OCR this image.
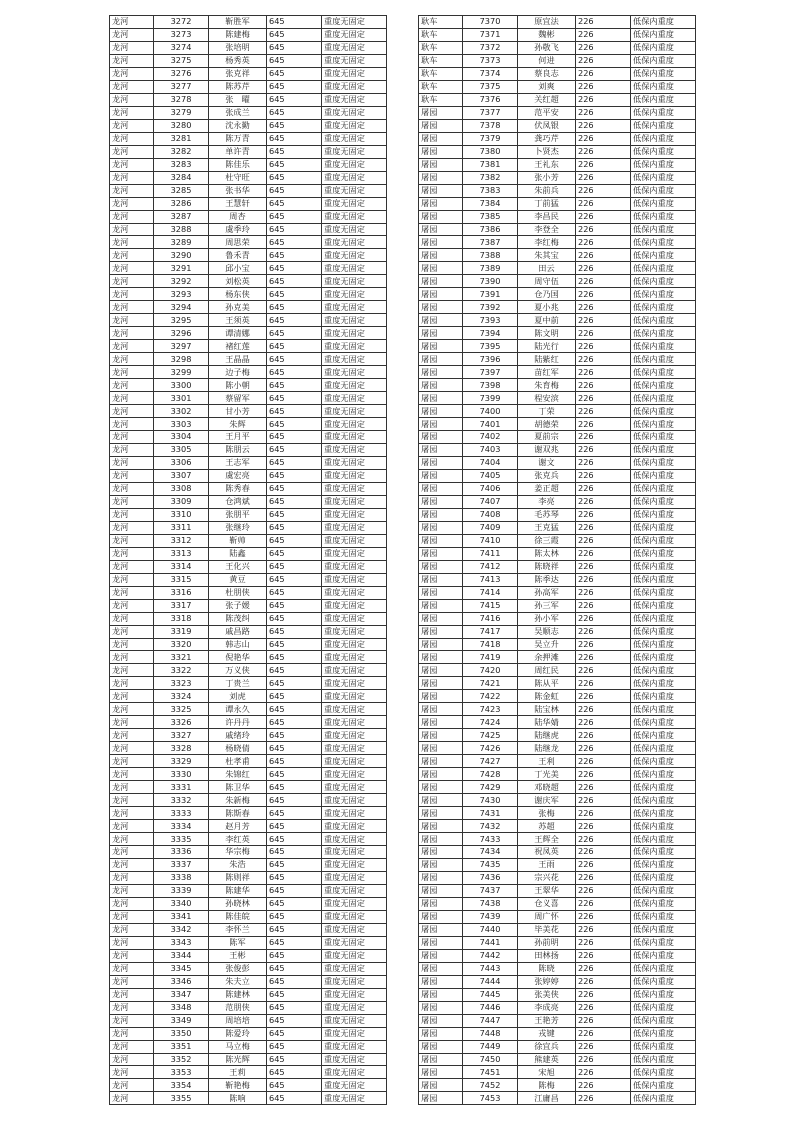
龙河	3272	靳胜军	645	重度无固定
龙河	3273	陈建梅	645	重度无固定
龙河	3274	张培明	645	重度无固定
龙河	3275	杨秀英	645	重度无固定
龙河	3276	张克祥	645	重度无固定
龙河	3277	陈苏芹	645	重度无固定
龙河	3278	张　曜	645	重度无固定
龙河	3279	张成兰	645	重度无固定
龙河	3280	沈永勤	645	重度无固定
龙河	3281	陈万青	645	重度无固定
龙河	3282	单许青	645	重度无固定
龙河	3283	陈佳乐	645	重度无固定
龙河	3284	杜守旺	645	重度无固定
龙河	3285	张书华	645	重度无固定
龙河	3286	王慧轩	645	重度无固定
龙河	3287	周杏	645	重度无固定
龙河	3288	虞季玲	645	重度无固定
龙河	3289	周思荣	645	重度无固定
龙河	3290	鲁禾青	645	重度无固定
龙河	3291	邱小宝	645	重度无固定
龙河	3292	刘松英	645	重度无固定
龙河	3293	杨东侠	645	重度无固定
龙河	3294	孙克美	645	重度无固定
龙河	3295	王须英	645	重度无固定
龙河	3296	谭清娜	645	重度无固定
龙河	3297	褚红莲	645	重度无固定
龙河	3298	王晶晶	645	重度无固定
龙河	3299	边子梅	645	重度无固定
龙河	3300	陈小朝	645	重度无固定
龙河	3301	蔡留军	645	重度无固定
龙河	3302	甘小芳	645	重度无固定
龙河	3303	朱辉	645	重度无固定
龙河	3304	王月平	645	重度无固定
龙河	3305	陈朋云	645	重度无固定
龙河	3306	王志军	645	重度无固定
龙河	3307	虞宏亮	645	重度无固定
龙河	3308	陈秀春	645	重度无固定
龙河	3309	仓鸿斌	645	重度无固定
龙河	3310	张朋平	645	重度无固定
龙河	3311	张继玲	645	重度无固定
龙河	3312	靳帅	645	重度无固定
龙河	3313	陆鑫	645	重度无固定
龙河	3314	王化兴	645	重度无固定
龙河	3315	黄豆	645	重度无固定
龙河	3316	杜朋侠	645	重度无固定
龙河	3317	张子媛	645	重度无固定
龙河	3318	陈茂纠	645	重度无固定
龙河	3319	戚昌路	645	重度无固定
龙河	3320	韩志山	645	重度无固定
龙河	3321	倪艳华	645	重度无固定
龙河	3322	万义侠	645	重度无固定
龙河	3323	丁贵兰	645	重度无固定
龙河	3324	刘虎	645	重度无固定
龙河	3325	谭永久	645	重度无固定
龙河	3326	许丹丹	645	重度无固定
龙河	3327	戚绪玲	645	重度无固定
龙河	3328	杨晓倩	645	重度无固定
龙河	3329	杜孝甫	645	重度无固定
龙河	3330	朱锦红	645	重度无固定
龙河	3331	陈卫华	645	重度无固定
龙河	3332	朱新梅	645	重度无固定
龙河	3333	陈斯春	645	重度无固定
龙河	3334	赵月芳	645	重度无固定
龙河	3335	李红英	645	重度无固定
龙河	3336	华宗梅	645	重度无固定
龙河	3337	朱浩	645	重度无固定
龙河	3338	陈则祥	645	重度无固定
龙河	3339	陈建华	645	重度无固定
龙河	3340	孙晓林	645	重度无固定
龙河	3341	陈佳皖	645	重度无固定
龙河	3342	李怀兰	645	重度无固定
龙河	3343	陈军	645	重度无固定
龙河	3344	王彬	645	重度无固定
龙河	3345	张俊彭	645	重度无固定
龙河	3346	朱夫立	645	重度无固定
龙河	3347	陈建林	645	重度无固定
龙河	3348	范朋侠	645	重度无固定
龙河	3349	周培培	645	重度无固定
龙河	3350	陈爱玲	645	重度无固定
龙河	3351	马立梅	645	重度无固定
龙河	3352	陈光辉	645	重度无固定
龙河	3353	王莉	645	重度无固定
龙河	3354	靳艳梅	645	重度无固定
龙河	3355	陈响	645	重度无固定
耿车	7370	原宜法	226	低保内重度
耿车	7371	魏彬	226	低保内重度
耿车	7372	孙敬飞	226	低保内重度
耿车	7373	何进	226	低保内重度
耿车	7374	蔡良志	226	低保内重度
耿车	7375	刘爽	226	低保内重度
耿车	7376	关红超	226	低保内重度
屠园	7377	范平安	226	低保内重度
屠园	7378	伏凤银	226	低保内重度
屠园	7379	龚巧芹	226	低保内重度
屠园	7380	卜贤杰	226	低保内重度
屠园	7381	王礼东	226	低保内重度
屠园	7382	张小芳	226	低保内重度
屠园	7383	朱前兵	226	低保内重度
屠园	7384	丁前猛	226	低保内重度
屠园	7385	李昌民	226	低保内重度
屠园	7386	李登全	226	低保内重度
屠园	7387	李红梅	226	低保内重度
屠园	7388	朱其宝	226	低保内重度
屠园	7389	田云	226	低保内重度
屠园	7390	周守伍	226	低保内重度
屠园	7391	仓乃国	226	低保内重度
屠园	7392	夏小兆	226	低保内重度
屠园	7393	夏中前	226	低保内重度
屠园	7394	陈文明	226	低保内重度
屠园	7395	陆光行	226	低保内重度
屠园	7396	陆紫红	226	低保内重度
屠园	7397	苗红军	226	低保内重度
屠园	7398	朱育梅	226	低保内重度
屠园	7399	程安滨	226	低保内重度
屠园	7400	丁荣	226	低保内重度
屠园	7401	胡德荣	226	低保内重度
屠园	7402	夏前宗	226	低保内重度
屠园	7403	谢双兆	226	低保内重度
屠园	7404	谢文	226	低保内重度
屠园	7405	张克兵	226	低保内重度
屠园	7406	姜正超	226	低保内重度
屠园	7407	李亮	226	低保内重度
屠园	7408	毛苏琴	226	低保内重度
屠园	7409	王克猛	226	低保内重度
屠园	7410	徐三霞	226	低保内重度
屠园	7411	陈太林	226	低保内重度
屠园	7412	陈晓祥	226	低保内重度
屠园	7413	陈季达	226	低保内重度
屠园	7414	孙高军	226	低保内重度
屠园	7415	孙三军	226	低保内重度
屠园	7416	孙小军	226	低保内重度
屠园	7417	吴顺志	226	低保内重度
屠园	7418	吴立升	226	低保内重度
屠园	7419	余押滩	226	低保内重度
屠园	7420	周红民	226	低保内重度
屠园	7421	陈从平	226	低保内重度
屠园	7422	陈金虹	226	低保内重度
屠园	7423	陆宝林	226	低保内重度
屠园	7424	陆华婧	226	低保内重度
屠园	7425	陆继虎	226	低保内重度
屠园	7426	陆继龙	226	低保内重度
屠园	7427	王利	226	低保内重度
屠园	7428	丁光美	226	低保内重度
屠园	7429	邓晓超	226	低保内重度
屠园	7430	谢庆军	226	低保内重度
屠园	7431	张梅	226	低保内重度
屠园	7432	苏超	226	低保内重度
屠园	7433	王辉全	226	低保内重度
屠园	7434	祝凤英	226	低保内重度
屠园	7435	王雨	226	低保内重度
屠园	7436	宗兴花	226	低保内重度
屠园	7437	王翠华	226	低保内重度
屠园	7438	仓义喜	226	低保内重度
屠园	7439	周广怀	226	低保内重度
屠园	7440	毕美花	226	低保内重度
屠园	7441	孙前明	226	低保内重度
屠园	7442	田林扬	226	低保内重度
屠园	7443	陈晓	226	低保内重度
屠园	7444	张婷婷	226	低保内重度
屠园	7445	张美侠	226	低保内重度
屠园	7446	李成亮	226	低保内重度
屠园	7447	王艳芳	226	低保内重度
屠园	7448	戎键	226	低保内重度
屠园	7449	徐宜兵	226	低保内重度
屠园	7450	熊建英	226	低保内重度
屠园	7451	宋旭	226	低保内重度
屠园	7452	陈梅	226	低保内重度
屠园	7453	江庸昌	226	低保内重度
